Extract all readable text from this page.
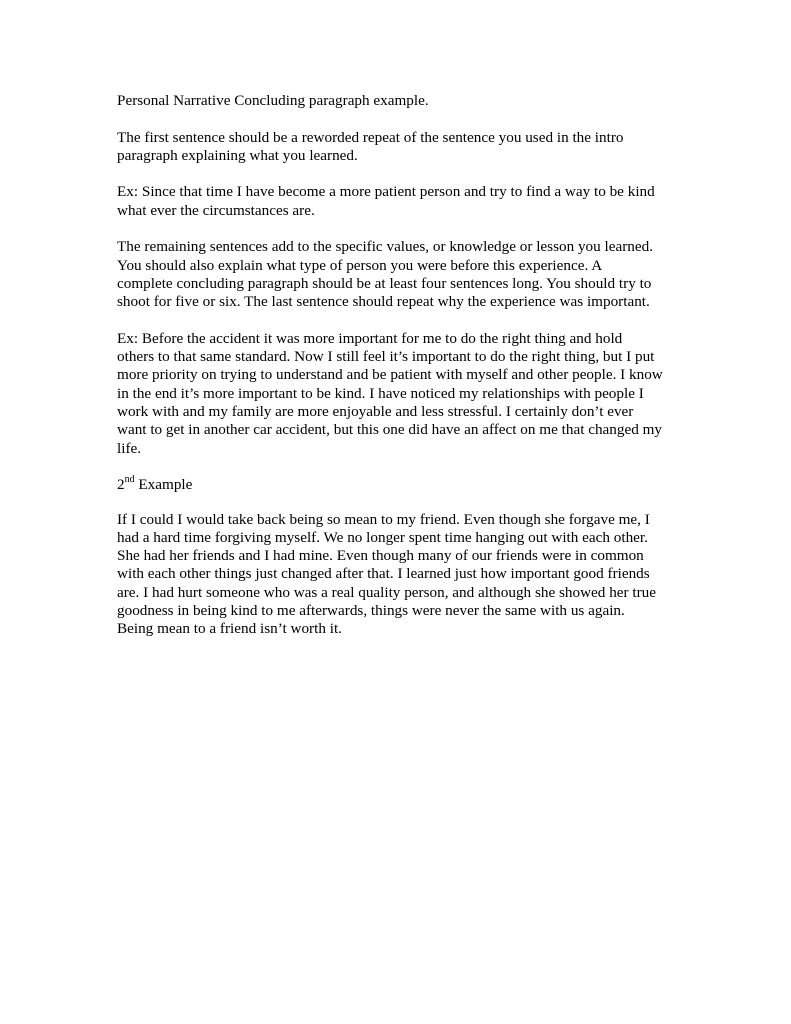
Personal Narrative Concluding paragraph example.

The first sentence should be a reworded repeat of the sentence you used in the intro
paragraph explaining what you learned.

Ex: Since that time I have become a more patient person and try to find a way to be kind
what ever the circumstances are.

The remaining sentences add to the specific values, or knowledge or lesson you learned.
You should also explain what type of person you were before this experience. A
complete concluding paragraph should be at least four sentences long. You should try to
shoot for five or six. The last sentence should repeat why the experience was important.

Ex: Before the accident it was more important for me to do the right thing and hold
others to that same standard. Now I still feel it’s important to do the right thing, but I put
more priority on trying to understand and be patient with myself and other people. I know
in the end it’s more important to be kind. I have noticed my relationships with people I
work with and my family are more enjoyable and less stressful. I certainly don’t ever
want to get in another car accident, but this one did have an affect on me that changed my
life.

2nd Example

If I could I would take back being so mean to my friend. Even though she forgave me, I
had a hard time forgiving myself. We no longer spent time hanging out with each other.
She had her friends and I had mine. Even though many of our friends were in common
with each other things just changed after that. I learned just how important good friends
are. I had hurt someone who was a real quality person, and although she showed her true
goodness in being kind to me afterwards, things were never the same with us again.
Being mean to a friend isn’t worth it.
